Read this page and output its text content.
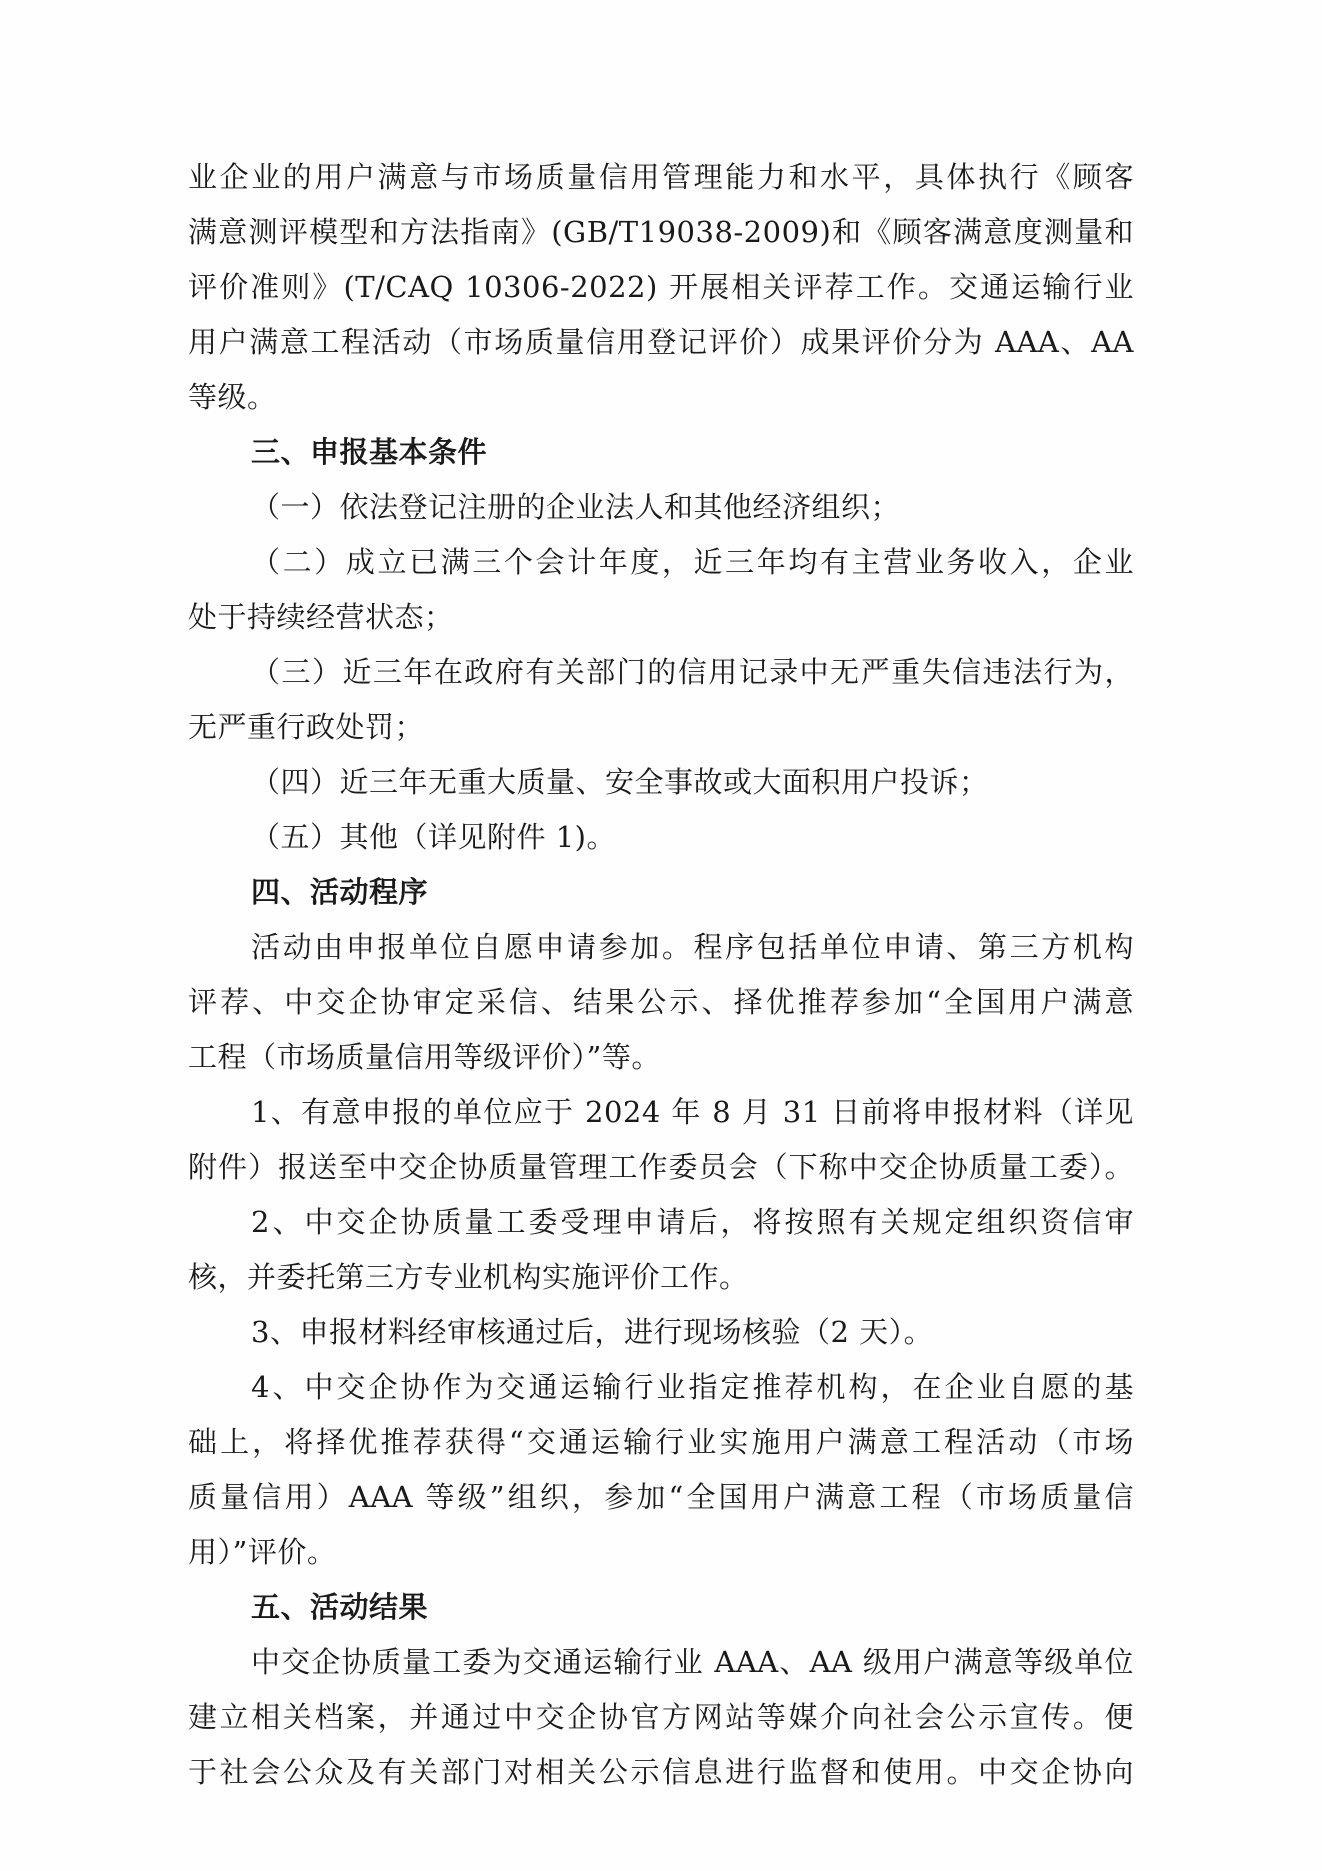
业企业的用户满意与市场质量信用管理能力和水平，具体执行《顾客
满意测评模型和方法指南》(GB/T19038-2009)和《顾客满意度测量和
评价准则》(T/CAQ 10306-2022) 开展相关评荐工作。交通运输行业
用户满意工程活动（市场质量信用登记评价）成果评价分为 AAA、AA
等级。
三、申报基本条件
（一）依法登记注册的企业法人和其他经济组织；
（二）成立已满三个会计年度，近三年均有主营业务收入，企业
处于持续经营状态；
（三）近三年在政府有关部门的信用记录中无严重失信违法行为，
无严重行政处罚；
（四）近三年无重大质量、安全事故或大面积用户投诉；
（五）其他（详见附件 1)。
四、活动程序
活动由申报单位自愿申请参加。程序包括单位申请、第三方机构
评荐、中交企协审定采信、结果公示、择优推荐参加“全国用户满意
工程（市场质量信用等级评价）”等。
1、有意申报的单位应于 2024 年 8 月 31 日前将申报材料（详见
附件）报送至中交企协质量管理工作委员会（下称中交企协质量工委）。
2、中交企协质量工委受理申请后，将按照有关规定组织资信审
核，并委托第三方专业机构实施评价工作。
3、申报材料经审核通过后，进行现场核验（2 天）。
4、中交企协作为交通运输行业指定推荐机构，在企业自愿的基
础上，将择优推荐获得“交通运输行业实施用户满意工程活动（市场
质量信用）AAA 等级”组织，参加“全国用户满意工程（市场质量信
用）”评价。
五、活动结果
中交企协质量工委为交通运输行业 AAA、AA 级用户满意等级单位
建立相关档案，并通过中交企协官方网站等媒介向社会公示宣传。便
于社会公众及有关部门对相关公示信息进行监督和使用。中交企协向
